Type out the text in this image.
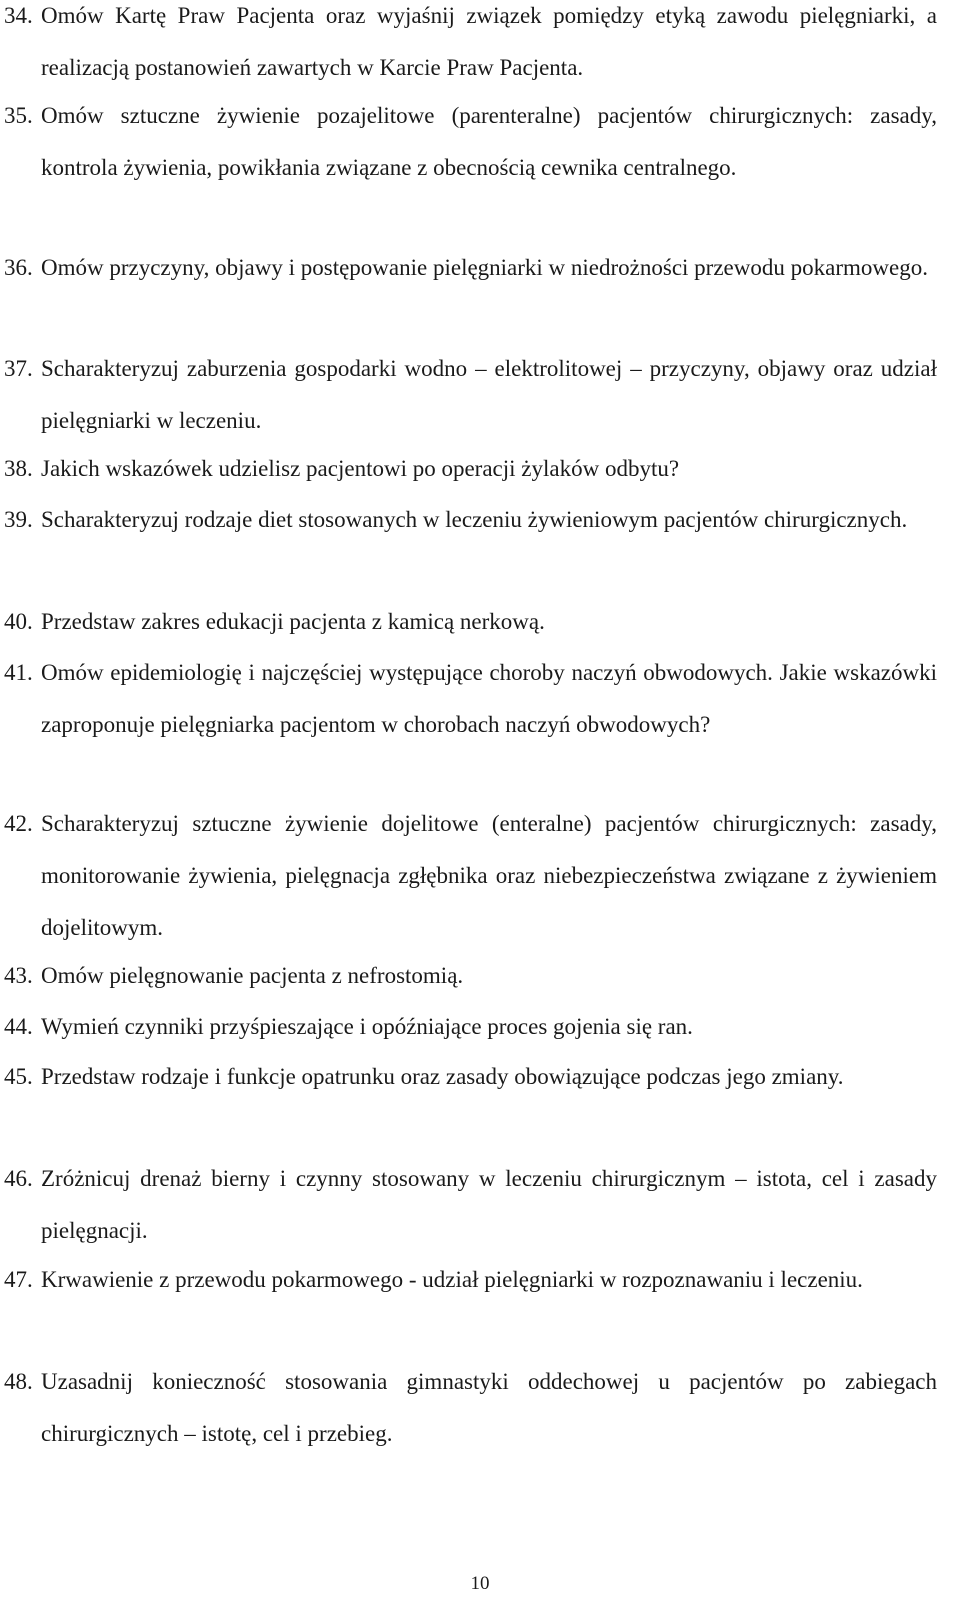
34. Omów Kartę Praw Pacjenta oraz wyjaśnij związek pomiędzy etyką zawodu pielęgniarki, a realizacją postanowień zawartych w Karcie Praw Pacjenta.
35. Omów sztuczne żywienie pozajelitowe (parenteralne) pacjentów chirurgicznych: zasady, kontrola żywienia, powikłania związane z obecnością cewnika centralnego.
36. Omów przyczyny, objawy i postępowanie pielęgniarki w niedrożności przewodu pokarmowego.
37. Scharakteryzuj zaburzenia gospodarki wodno – elektrolitowej – przyczyny, objawy oraz udział pielęgniarki w leczeniu.
38. Jakich wskazówek udzielisz pacjentowi po operacji żylaków odbytu?
39. Scharakteryzuj rodzaje diet stosowanych w leczeniu żywieniowym pacjentów chirurgicznych.
40. Przedstaw zakres edukacji pacjenta z kamicą nerkową.
41. Omów epidemiologię i najczęściej występujące choroby naczyń obwodowych. Jakie wskazówki zaproponuje pielęgniarka pacjentom w chorobach naczyń obwodowych?
42. Scharakteryzuj sztuczne żywienie dojelitowe (enteralne) pacjentów chirurgicznych: zasady, monitorowanie żywienia, pielęgnacja zgłębnika oraz niebezpieczeństwa związane z żywieniem dojelitowym.
43. Omów pielęgnowanie pacjenta z nefrostomią.
44. Wymień czynniki przyśpieszające i opóźniające proces gojenia się ran.
45. Przedstaw rodzaje i funkcje opatrunku oraz zasady obowiązujące podczas jego zmiany.
46. Zróżnicuj drenaż bierny i czynny stosowany w leczeniu chirurgicznym – istota, cel i zasady pielęgnacji.
47. Krwawienie z przewodu pokarmowego - udział pielęgniarki w rozpoznawaniu i leczeniu.
48. Uzasadnij konieczność stosowania gimnastyki oddechowej u pacjentów po zabiegach chirurgicznych – istotę, cel i przebieg.
10
